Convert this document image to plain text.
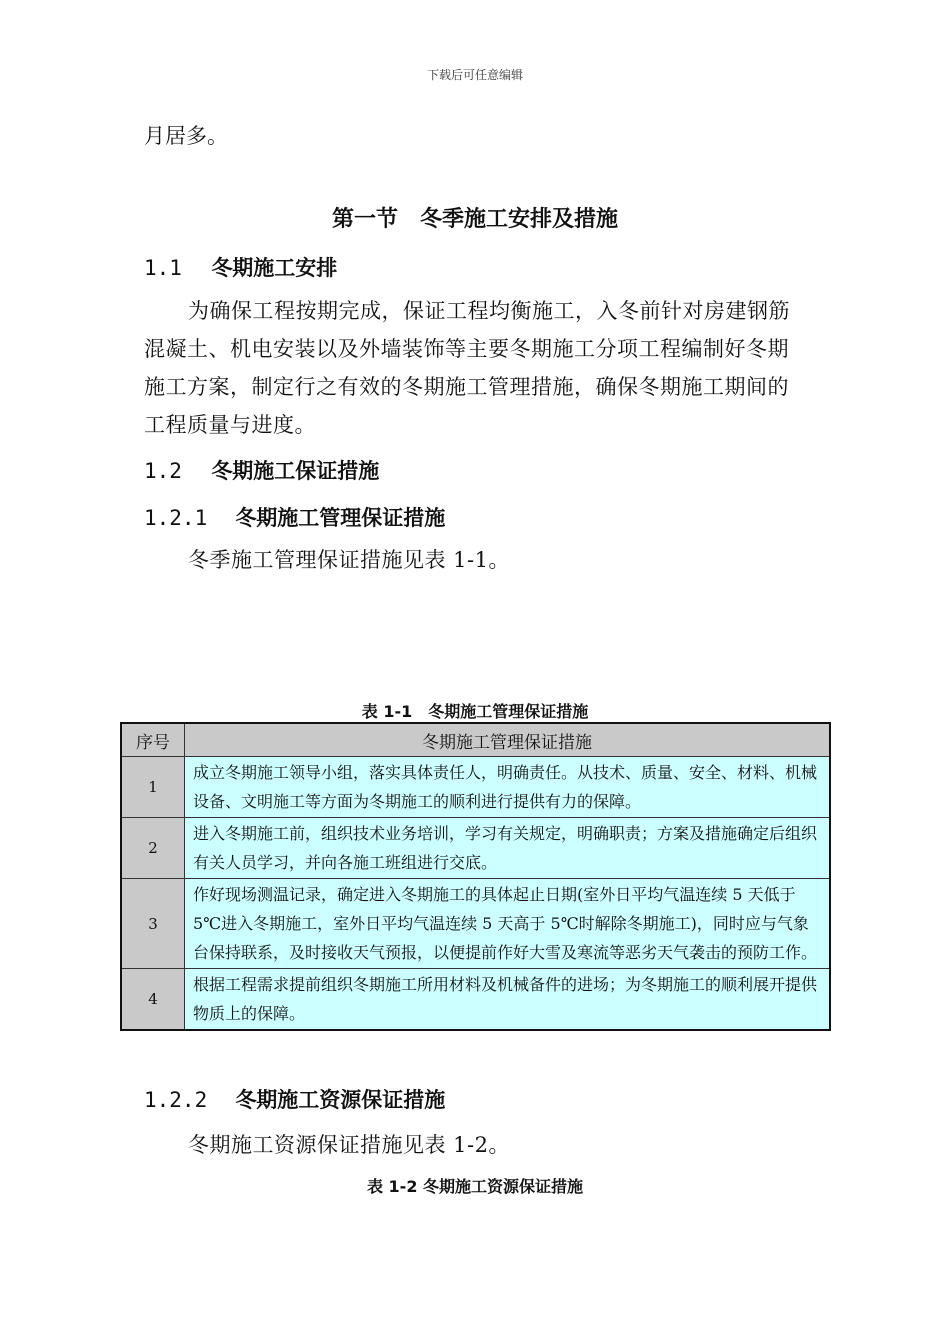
下载后可任意编辑
月居多。
第一节　冬季施工安排及措施
1.1 冬期施工安排
为确保工程按期完成，保证工程均衡施工，入冬前针对房建钢筋混凝土、机电安装以及外墙装饰等主要冬期施工分项工程编制好冬期施工方案，制定行之有效的冬期施工管理措施，确保冬期施工期间的工程质量与进度。
1.2 冬期施工保证措施
1.2.1 冬期施工管理保证措施
冬季施工管理保证措施见表 1-1。
表 1-1　冬期施工管理保证措施
序号	冬期施工管理保证措施
1	成立冬期施工领导小组，落实具体责任人，明确责任。从技术、质量、安全、材料、机械设备、文明施工等方面为冬期施工的顺利进行提供有力的保障。
2	进入冬期施工前，组织技术业务培训，学习有关规定，明确职责；方案及措施确定后组织有关人员学习，并向各施工班组进行交底。
3	作好现场测温记录，确定进入冬期施工的具体起止日期(室外日平均气温连续 5 天低于 5℃进入冬期施工，室外日平均气温连续 5 天高于 5℃时解除冬期施工)，同时应与气象台保持联系，及时接收天气预报，以便提前作好大雪及寒流等恶劣天气袭击的预防工作。
4	根据工程需求提前组织冬期施工所用材料及机械备件的进场；为冬期施工的顺利展开提供物质上的保障。
1.2.2 冬期施工资源保证措施
冬期施工资源保证措施见表 1-2。
表 1-2 冬期施工资源保证措施
